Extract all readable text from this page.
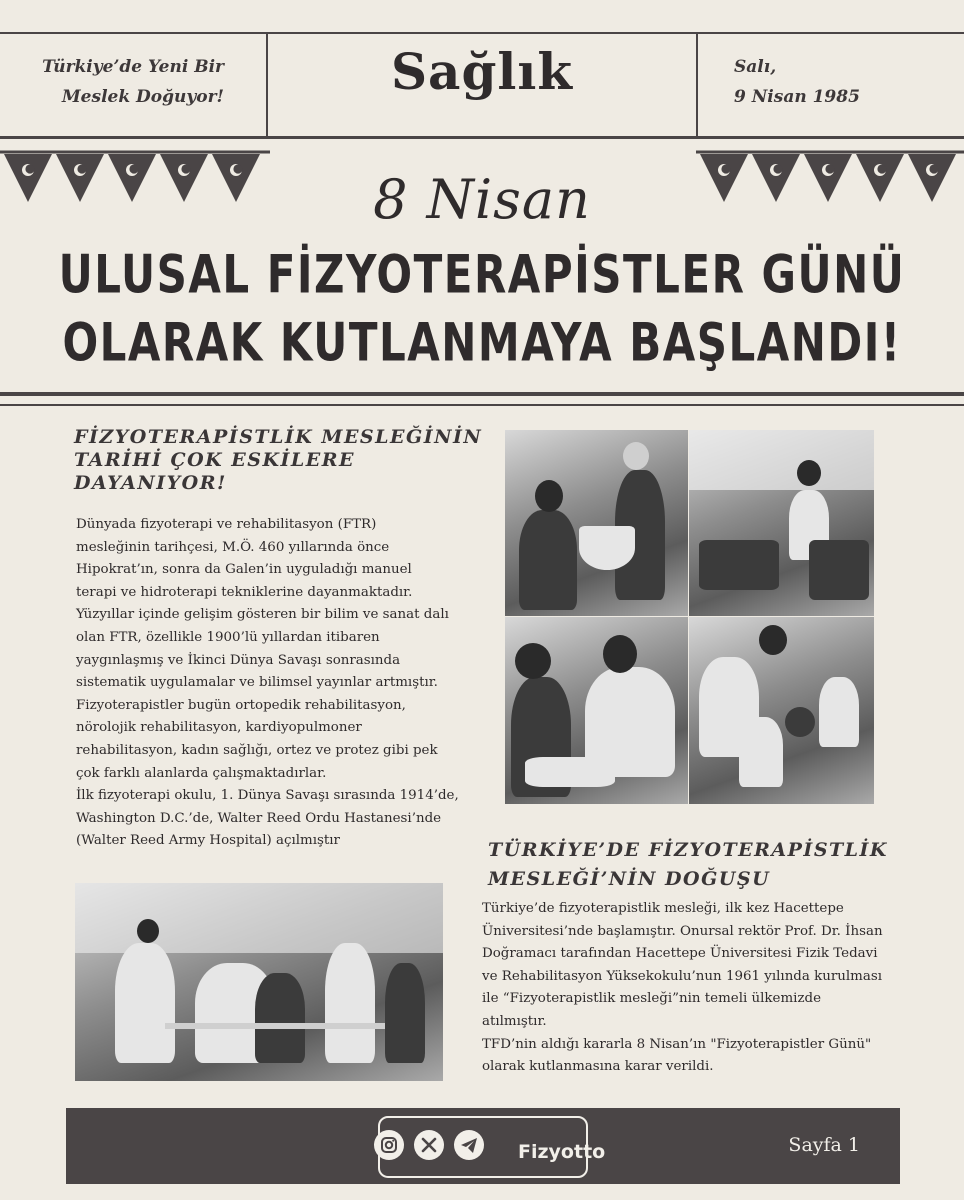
Türkiye’de Yeni Bir
Meslek Doğuyor!	Sağlık	Salı,
9 Nisan 1985
8 Nisan
ULUSAL FİZYOTERAPİSTLER GÜNÜ
OLARAK KUTLANMAYA BAŞLANDI!
FİZYOTERAPİSTLİK MESLEĞİNİN
TARİHİ ÇOK ESKİLERE
DAYANIYOR!
Dünyada fizyoterapi ve rehabilitasyon (FTR)
mesleğinin tarihçesi, M.Ö. 460 yıllarında önce
Hipokrat’ın, sonra da Galen’in uyguladığı manuel
terapi ve hidroterapi tekniklerine dayanmaktadır.
Yüzyıllar içinde gelişim gösteren bir bilim ve sanat dalı
olan FTR, özellikle 1900’lü yıllardan itibaren
yaygınlaşmış ve İkinci Dünya Savaşı sonrasında
sistematik uygulamalar ve bilimsel yayınlar artmıştır.
Fizyoterapistler bugün ortopedik rehabilitasyon,
nörolojik rehabilitasyon, kardiyopulmoner
rehabilitasyon, kadın sağlığı, ortez ve protez gibi pek
çok farklı alanlarda çalışmaktadırlar.
İlk fizyoterapi okulu, 1. Dünya Savaşı sırasında 1914’de,
Washington D.C.’de, Walter Reed Ordu Hastanesi’nde
(Walter Reed Army Hospital) açılmıştır	TÜRKİYE’DE FİZYOTERAPİSTLİK
MESLEĞİ’NİN DOĞUŞU
Türkiye’de fizyoterapistlik mesleği, ilk kez Hacettepe
Üniversitesi’nde başlamıştır. Onursal rektör Prof. Dr. İhsan
Doğramacı tarafından Hacettepe Üniversitesi Fizik Tedavi
ve Rehabilitasyon Yüksekokulu’nun 1961 yılında kurulması
ile “Fizyoterapistlik mesleği”nin temeli ülkemizde
atılmıştır.
TFD’nin aldığı kararla 8 Nisan’ın "Fizyoterapistler Günü"
olarak kutlanmasına karar verildi.
Fizyotto	Sayfa 1
